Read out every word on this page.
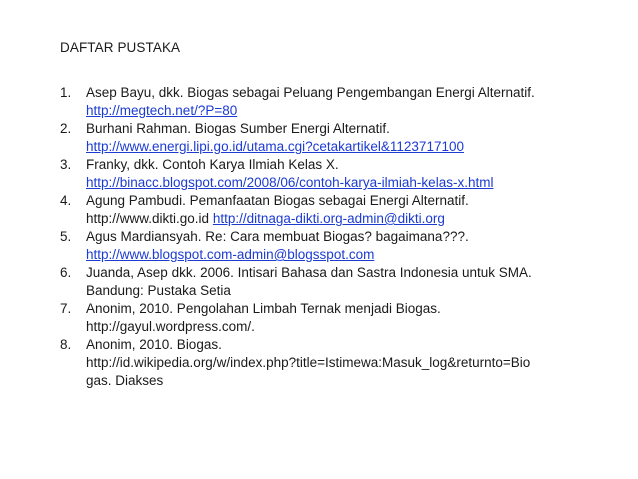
DAFTAR PUSTAKA
1.	Asep Bayu, dkk. Biogas sebagai Peluang Pengembangan Energi Alternatif.
http://megtech.net/?P=80
2.	Burhani Rahman. Biogas Sumber Energi Alternatif.
http://www.energi.lipi.go.id/utama.cgi?cetakartikel&1123717100
3.	Franky, dkk. Contoh Karya Ilmiah Kelas X.
http://binacc.blogspot.com/2008/06/contoh-karya-ilmiah-kelas-x.html
4.	Agung Pambudi. Pemanfaatan Biogas sebagai Energi Alternatif.
http://www.dikti.go.id http://ditnaga-dikti.org-admin@dikti.org
5.	Agus Mardiansyah. Re: Cara membuat Biogas? bagaimana???.
http://www.blogspot.com-admin@blogsspot.com
6.	Juanda, Asep dkk. 2006. Intisari Bahasa dan Sastra Indonesia untuk SMA.
Bandung: Pustaka Setia
7.	Anonim, 2010. Pengolahan Limbah Ternak menjadi Biogas.
http://gayul.wordpress.com/.
8.	Anonim, 2010. Biogas.
http://id.wikipedia.org/w/index.php?title=Istimewa:Masuk_log&returnto=Bio
gas. Diakses
